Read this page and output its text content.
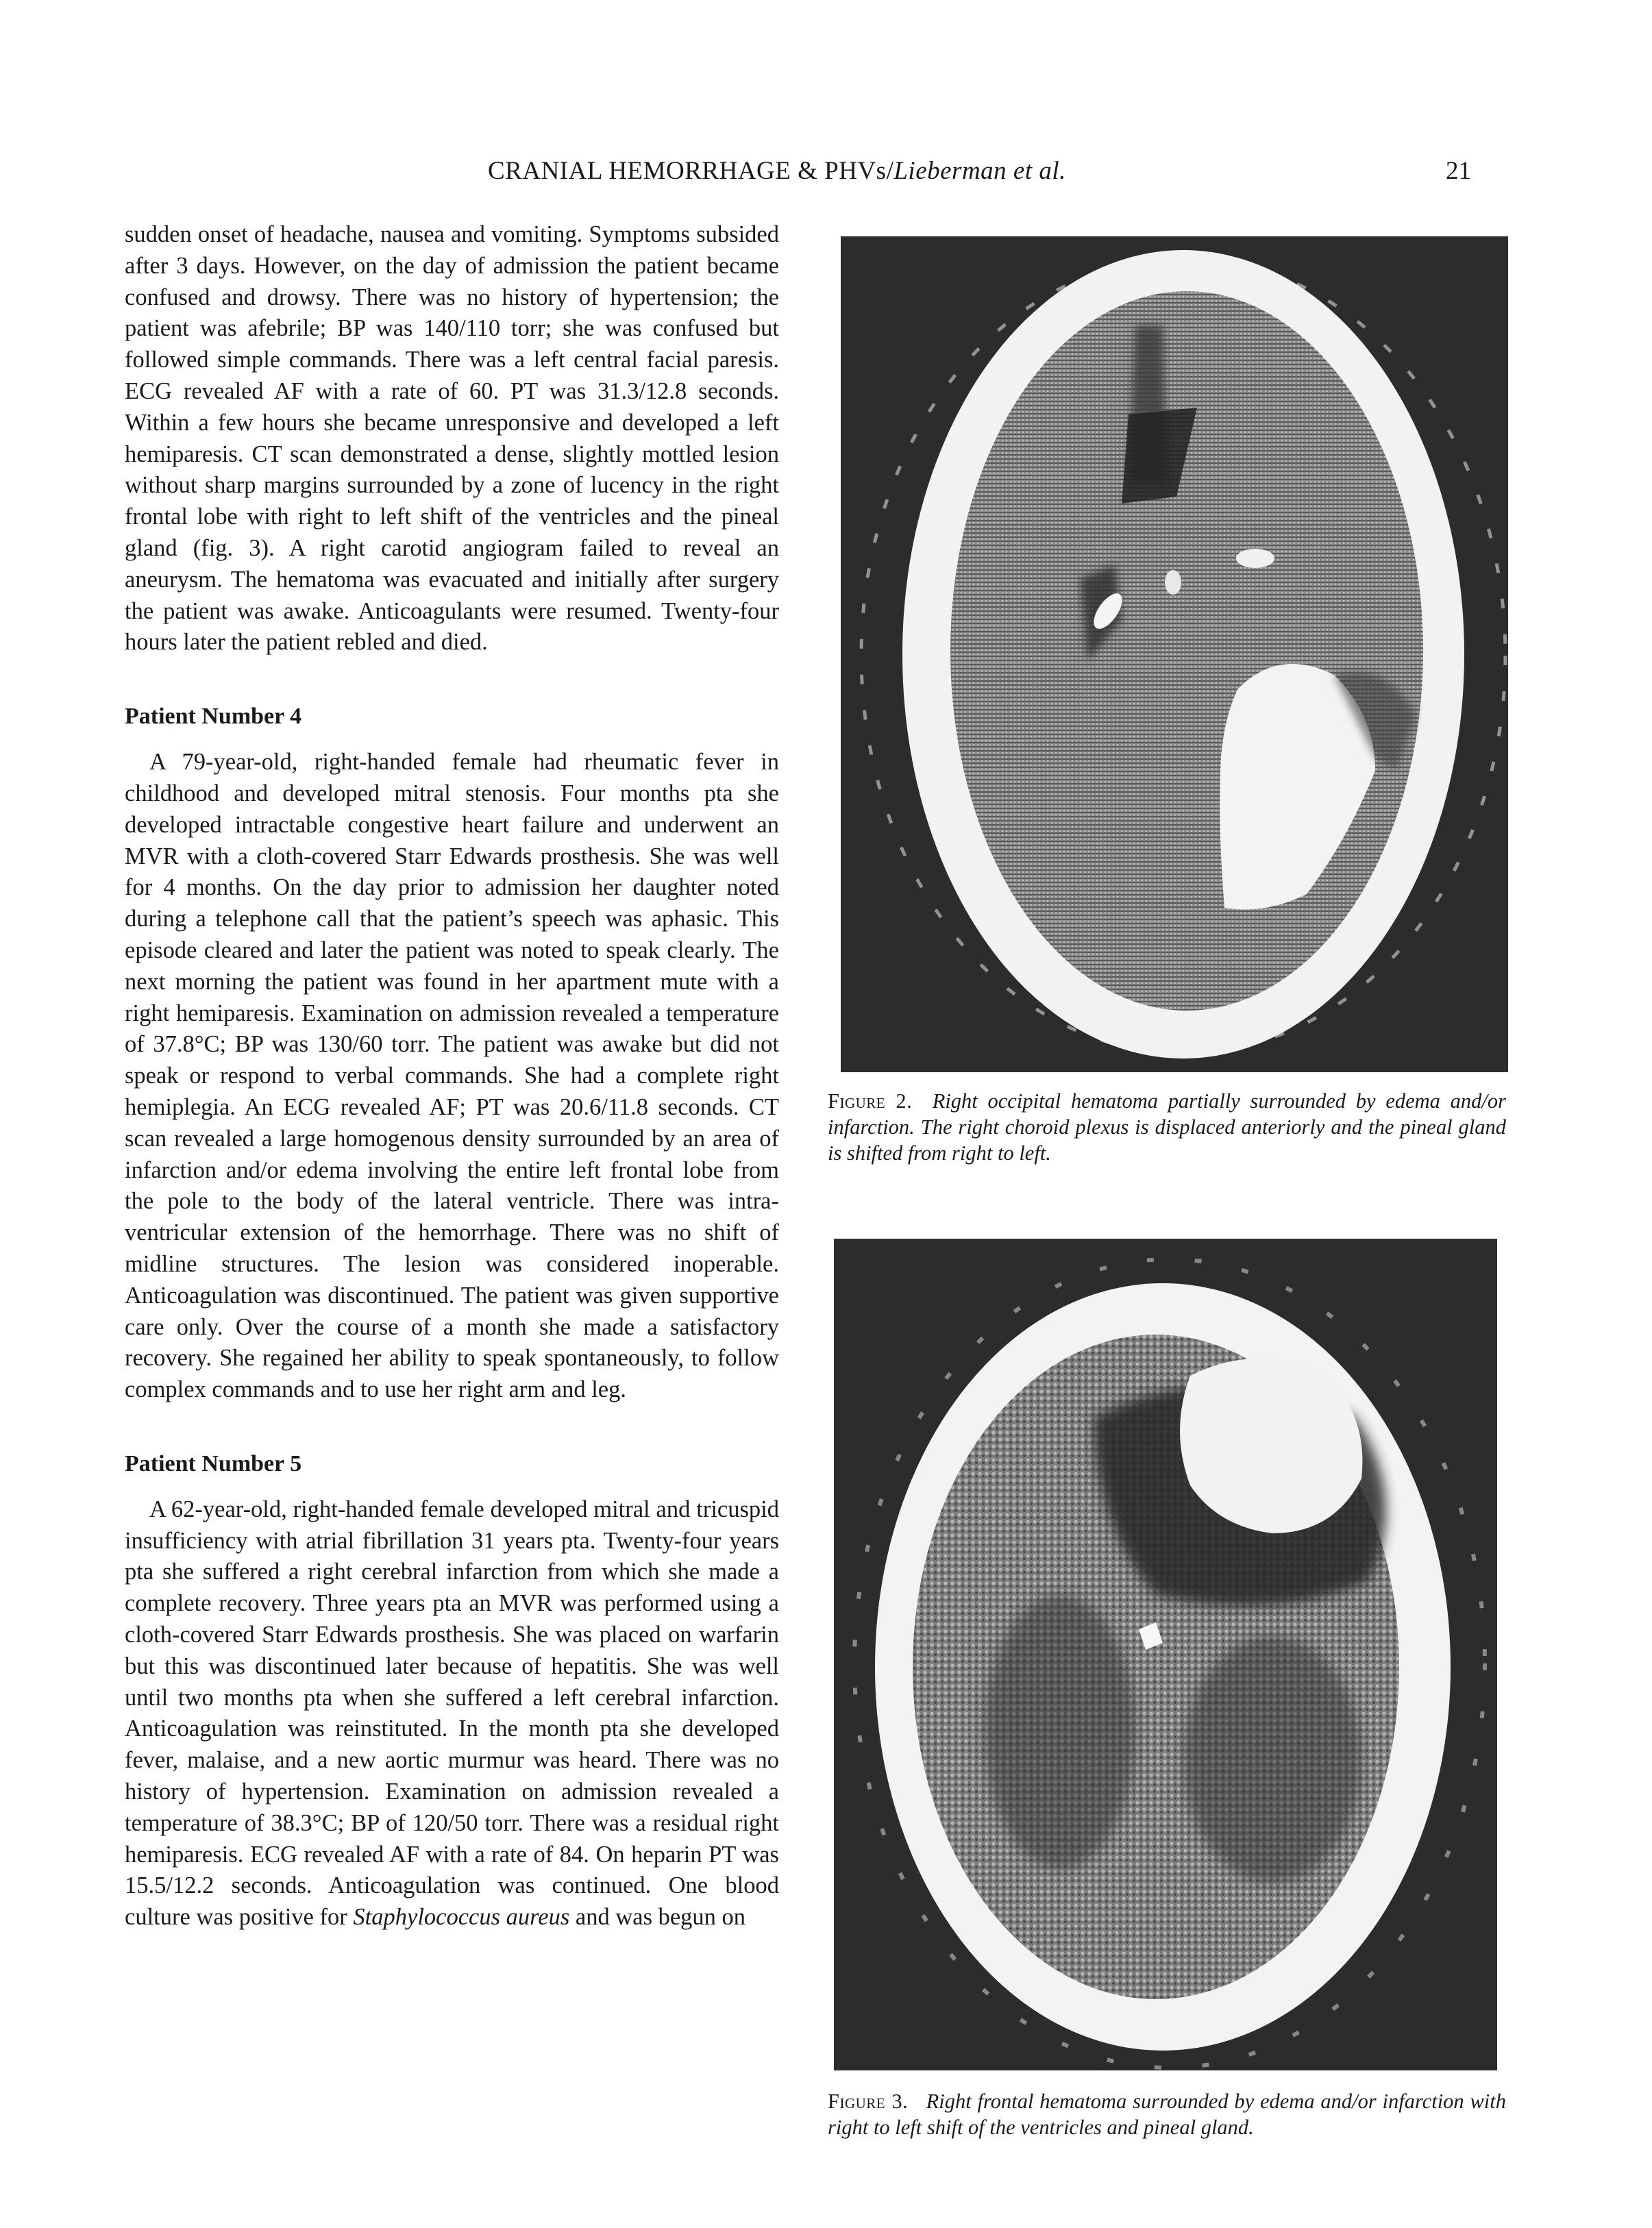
CRANIAL HEMORRHAGE & PHVs/Lieberman et al.	21

sudden onset of headache, nausea and vomiting. Symptoms subsided after 3 days. However, on the day of admission the patient became confused and drowsy. There was no history of hypertension; the patient was afebrile; BP was 140/110 torr; she was confused but followed simple commands. There was a left central facial paresis. ECG revealed AF with a rate of 60. PT was 31.3/12.8 seconds. Within a few hours she became unresponsive and developed a left hemiparesis. CT scan demonstrated a dense, slightly mottled lesion without sharp margins surrounded by a zone of lucency in the right frontal lobe with right to left shift of the ventricles and the pineal gland (fig. 3). A right carotid angiogram failed to reveal an aneurysm. The hematoma was evacuated and initially after surgery the patient was awake. Anticoagulants were resumed. Twenty-four hours later the patient rebled and died.

Patient Number 4

A 79-year-old, right-handed female had rheumatic fever in childhood and developed mitral stenosis. Four months pta she developed intractable congestive heart failure and underwent an MVR with a cloth-covered Starr Edwards prosthesis. She was well for 4 months. On the day prior to admission her daughter noted during a telephone call that the patient’s speech was aphasic. This episode cleared and later the patient was noted to speak clearly. The next morning the patient was found in her apartment mute with a right hemiparesis. Examination on admission revealed a temperature of 37.8°C; BP was 130/60 torr. The patient was awake but did not speak or respond to verbal commands. She had a complete right hemiplegia. An ECG revealed AF; PT was 20.6/11.8 seconds. CT scan revealed a large homogenous density surrounded by an area of infarction and/or edema involving the entire left frontal lobe from the pole to the body of the lateral ventricle. There was intraventricular extension of the hemorrhage. There was no shift of midline structures. The lesion was considered inoperable. Anticoagulation was discontinued. The patient was given supportive care only. Over the course of a month she made a satisfactory recovery. She regained her ability to speak spontaneously, to follow complex commands and to use her right arm and leg.

Patient Number 5

A 62-year-old, right-handed female developed mitral and tricuspid insufficiency with atrial fibrillation 31 years pta. Twenty-four years pta she suffered a right cerebral infarction from which she made a complete recovery. Three years pta an MVR was performed using a cloth-covered Starr Edwards prosthesis. She was placed on warfarin but this was discontinued later because of hepatitis. She was well until two months pta when she suffered a left cerebral infarction. Anticoagulation was reinstituted. In the month pta she developed fever, malaise, and a new aortic murmur was heard. There was no history of hypertension. Examination on admission revealed a temperature of 38.3°C; BP of 120/50 torr. There was a residual right hemiparesis. ECG revealed AF with a rate of 84. On heparin PT was 15.5/12.2 seconds. Anticoagulation was continued. One blood culture was positive for Staphylococcus aureus and was begun on

Figure 2. Right occipital hematoma partially surrounded by edema and/or infarction. The right choroid plexus is displaced anteriorly and the pineal gland is shifted from right to left.
Figure 3. Right frontal hematoma surrounded by edema and/or infarction with right to left shift of the ventricles and pineal gland.
